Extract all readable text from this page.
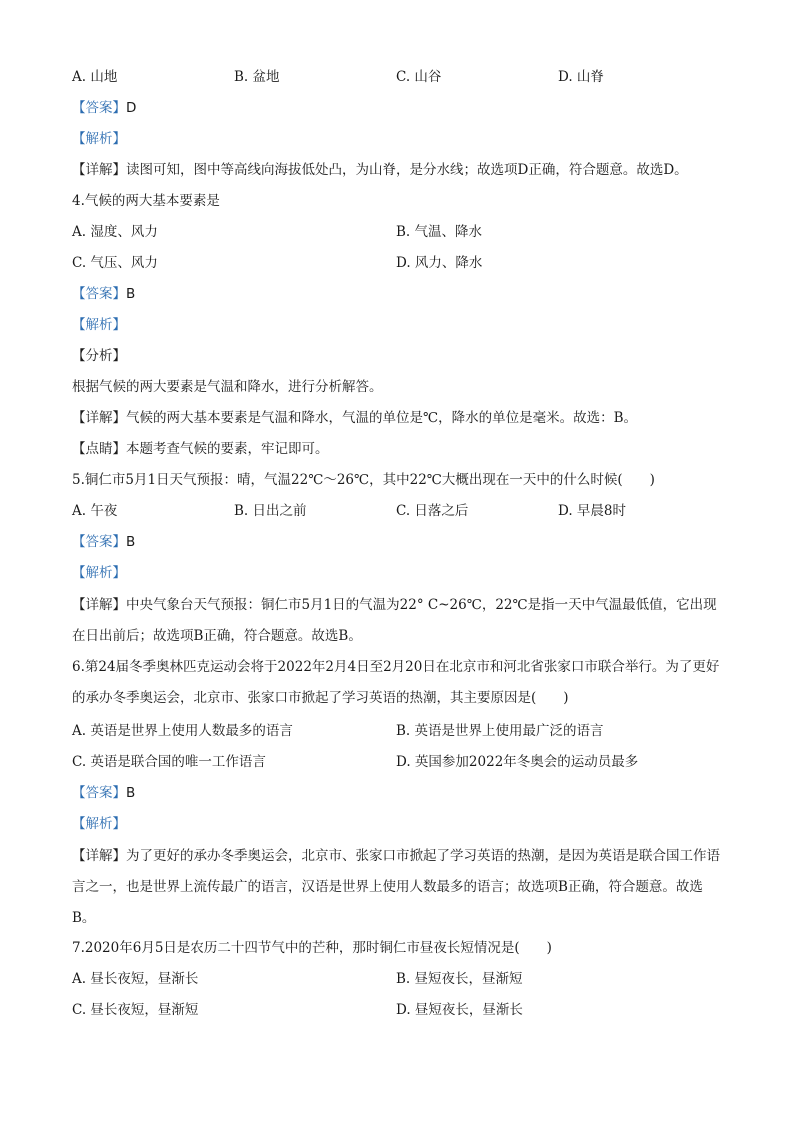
A. 山地	B. 盆地	C. 山谷	D. 山脊
【答案】D
【解析】
【详解】读图可知，图中等高线向海拔低处凸，为山脊，是分水线；故选项D正确，符合题意。故选D。
4.气候的两大基本要素是
A. 湿度、风力	B. 气温、降水
C. 气压、风力	D. 风力、降水
【答案】B
【解析】
【分析】
根据气候的两大要素是气温和降水，进行分析解答。
【详解】气候的两大基本要素是气温和降水，气温的单位是℃，降水的单位是毫米。故选：B。
【点睛】本题考查气候的要素，牢记即可。
5.铜仁市5月1日天气预报：晴，气温22℃～26℃，其中22℃大概出现在一天中的什么时候(　　)
A. 午夜	B. 日出之前	C. 日落之后	D. 早晨8时
【答案】B
【解析】
【详解】中央气象台天气预报：铜仁市5月1日的气温为22° C~26℃，22℃是指一天中气温最低值，它出现在日出前后；故选项B正确，符合题意。故选B。
6.第24届冬季奥林匹克运动会将于2022年2月4日至2月20日在北京市和河北省张家口市联合举行。为了更好的承办冬季奥运会，北京市、张家口市掀起了学习英语的热潮，其主要原因是(　　)
A. 英语是世界上使用人数最多的语言	B. 英语是世界上使用最广泛的语言
C. 英语是联合国的唯一工作语言	D. 英国参加2022年冬奥会的运动员最多
【答案】B
【解析】
【详解】为了更好的承办冬季奥运会，北京市、张家口市掀起了学习英语的热潮，是因为英语是联合国工作语言之一，也是世界上流传最广的语言，汉语是世界上使用人数最多的语言；故选项B正确，符合题意。故选B。
7.2020年6月5日是农历二十四节气中的芒种，那时铜仁市昼夜长短情况是(　　)
A. 昼长夜短，昼渐长	B. 昼短夜长，昼渐短
C. 昼长夜短，昼渐短	D. 昼短夜长，昼渐长
